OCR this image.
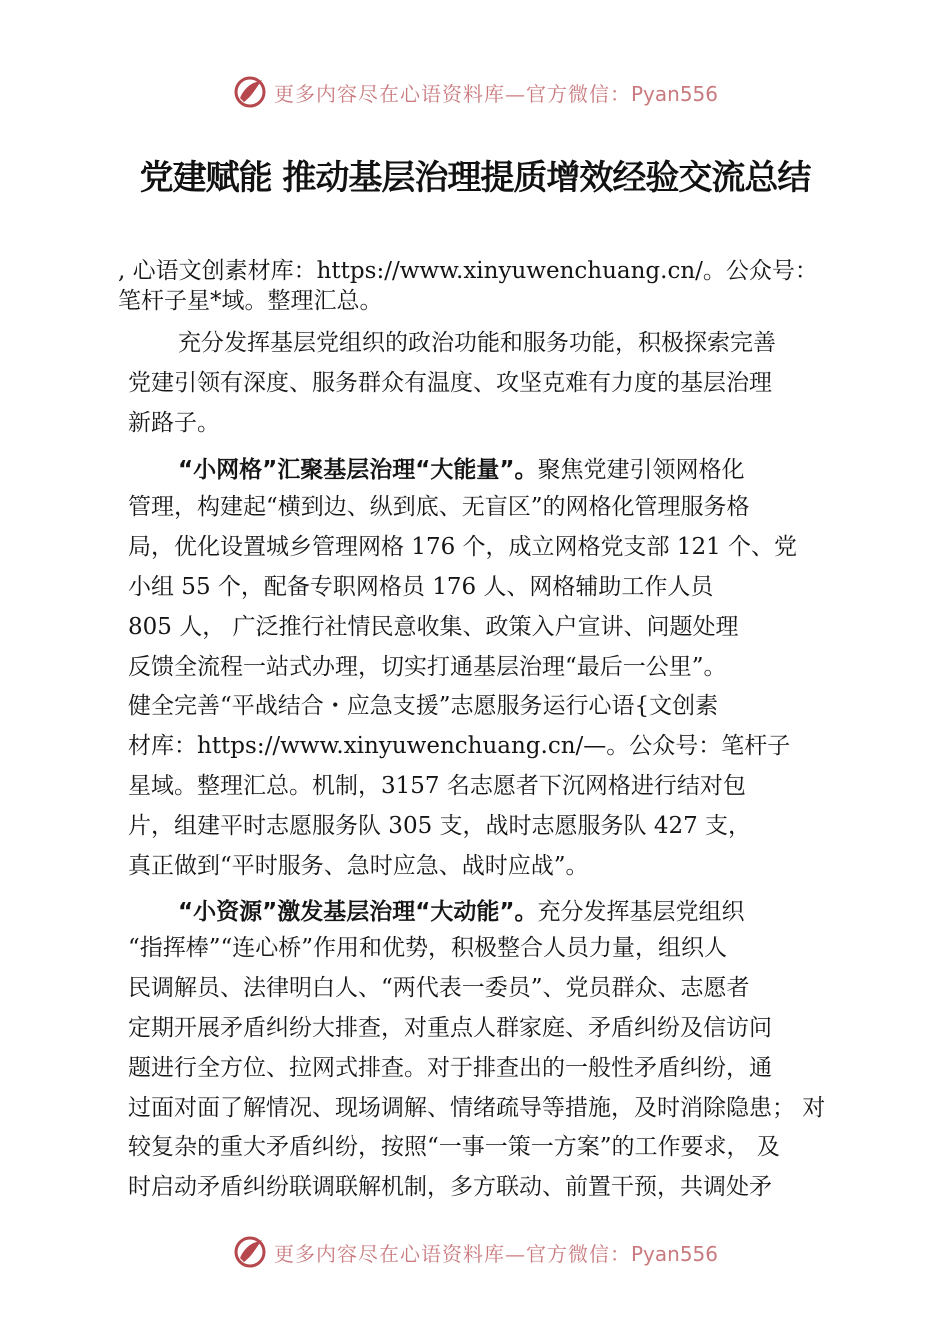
更多内容尽在心语资料库—官方微信：Pyan556
党建赋能 推动基层治理提质增效经验交流总结
, 心语文创素材库：https://www.xinyuwenchuang.cn/。公众号：
笔杆子星*域。整理汇总。
充分发挥基层党组织的政治功能和服务功能，积极探索完善
党建引领有深度、服务群众有温度、攻坚克难有力度的基层治理
新路子。
“小网格”汇聚基层治理“大能量”。聚焦党建引领网格化
管理，构建起“横到边、纵到底、无盲区”的网格化管理服务格
局，优化设置城乡管理网格 176 个，成立网格党支部 121 个、党
小组 55 个，配备专职网格员 176 人、网格辅助工作人员
805 人， 广泛推行社情民意收集、政策入户宣讲、问题处理
反馈全流程一站式办理，切实打通基层治理“最后一公里”。
健全完善“平战结合・应急支援”志愿服务运行心语{文创素
材库：https://www.xinyuwenchuang.cn/—。公众号：笔杆子
星域。整理汇总。机制，3157 名志愿者下沉网格进行结对包
片，组建平时志愿服务队 305 支，战时志愿服务队 427 支，
真正做到“平时服务、急时应急、战时应战”。
“小资源”激发基层治理“大动能”。充分发挥基层党组织
“指挥棒”“连心桥”作用和优势，积极整合人员力量，组织人
民调解员、法律明白人、“两代表一委员”、党员群众、志愿者
定期开展矛盾纠纷大排查，对重点人群家庭、矛盾纠纷及信访问
题进行全方位、拉网式排查。对于排查出的一般性矛盾纠纷，通
过面对面了解情况、现场调解、情绪疏导等措施，及时消除隐患； 对
较复杂的重大矛盾纠纷，按照“一事一策一方案”的工作要求， 及
时启动矛盾纠纷联调联解机制，多方联动、前置干预，共调处矛
更多内容尽在心语资料库—官方微信：Pyan556
